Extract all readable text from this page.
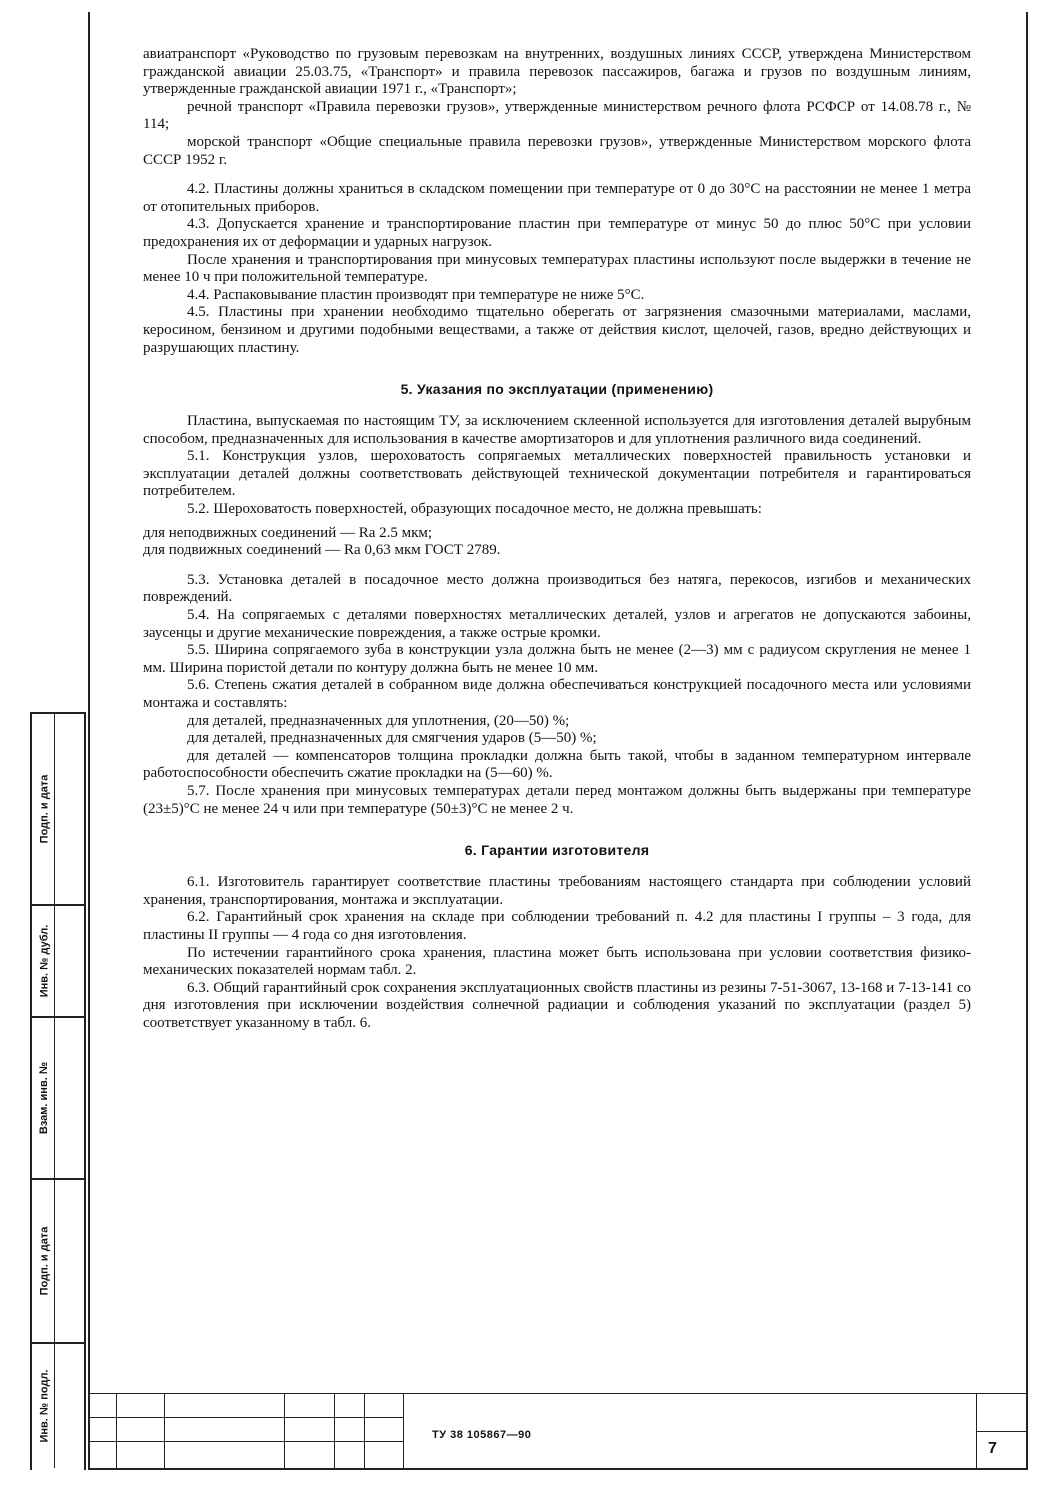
авиатранспорт «Руководство по грузовым перевозкам на внутренних, воздушных линиях СССР, утверждена Министерством гражданской авиации 25.03.75, «Транспорт» и правила перевозок пассажиров, багажа и грузов по воздушным линиям, утвержденные гражданской авиации 1971 г., «Транспорт»;

речной транспорт «Правила перевозки грузов», утвержденные министерством речного флота РСФСР от 14.08.78 г., № 114;

морской транспорт «Общие специальные правила перевозки грузов», утвержденные Министерством морского флота СССР 1952 г.

4.2. Пластины должны храниться в складском помещении при температуре от 0 до 30°С на расстоянии не менее 1 метра от отопительных приборов.

4.3. Допускается хранение и транспортирование пластин при температуре от минус 50 до плюс 50°С при условии предохранения их от деформации и ударных нагрузок.

После хранения и транспортирования при минусовых температурах пластины используют после выдержки в течение не менее 10 ч при положительной температуре.

4.4. Распаковывание пластин производят при температуре не ниже 5°С.

4.5. Пластины при хранении необходимо тщательно оберегать от загрязнения смазочными материалами, маслами, керосином, бензином и другими подобными веществами, а также от действия кислот, щелочей, газов, вредно действующих и разрушающих пластину.

5. Указания по эксплуатации (применению)

Пластина, выпускаемая по настоящим ТУ, за исключением склеенной используется для изготовления деталей вырубным способом, предназначенных для использования в качестве амортизаторов и для уплотнения различного вида соединений.

5.1. Конструкция узлов, шероховатость сопрягаемых металлических поверхностей правильность установки и эксплуатации деталей должны соответствовать действующей технической документации потребителя и гарантироваться потребителем.

5.2. Шероховатость поверхностей, образующих посадочное место, не должна превышать:

для неподвижных соединений — Ra 2.5 мкм;

для подвижных соединений — Ra 0,63 мкм ГОСТ 2789.

5.3. Установка деталей в посадочное место должна производиться без натяга, перекосов, изгибов и механических повреждений.

5.4. На сопрягаемых с деталями поверхностях металлических деталей, узлов и агрегатов не допускаются забоины, заусенцы и другие механические повреждения, а также острые кромки.

5.5. Ширина сопрягаемого зуба в конструкции узла должна быть не менее (2—3) мм с радиусом скругления не менее 1 мм. Ширина пористой детали по контуру должна быть не менее 10 мм.

5.6. Степень сжатия деталей в собранном виде должна обеспечиваться конструкцией посадочного места или условиями монтажа и составлять:

для деталей, предназначенных для уплотнения, (20—50) %;

для деталей, предназначенных для смягчения ударов (5—50) %;

для деталей — компенсаторов толщина прокладки должна быть такой, чтобы в заданном температурном интервале работоспособности обеспечить сжатие прокладки на (5—60) %.

5.7. После хранения при минусовых температурах детали перед монтажом должны быть выдержаны при температуре (23±5)°С не менее 24 ч или при температуре (50±3)°С не менее 2 ч.

6. Гарантии изготовителя

6.1. Изготовитель гарантирует соответствие пластины требованиям настоящего стандарта при соблюдении условий хранения, транспортирования, монтажа и эксплуатации.

6.2. Гарантийный срок хранения на складе при соблюдении требований п. 4.2 для пластины I группы – 3 года, для пластины II группы — 4 года со дня изготовления.

По истечении гарантийного срока хранения, пластина может быть использована при условии соответствия физико-механических показателей нормам табл. 2.

6.3. Общий гарантийный срок сохранения эксплуатационных свойств пластины из резины 7-51-3067, 13-168 и 7-13-141 со дня изготовления при исключении воздействия солнечной радиации и соблюдения указаний по эксплуатации (раздел 5) соответствует указанному в табл. 6.

Подп. и дата
Инв. № дубл.
Взам. инв. №
Подп. и дата
Инв. № подл.	ТУ 38 105867—90
7
